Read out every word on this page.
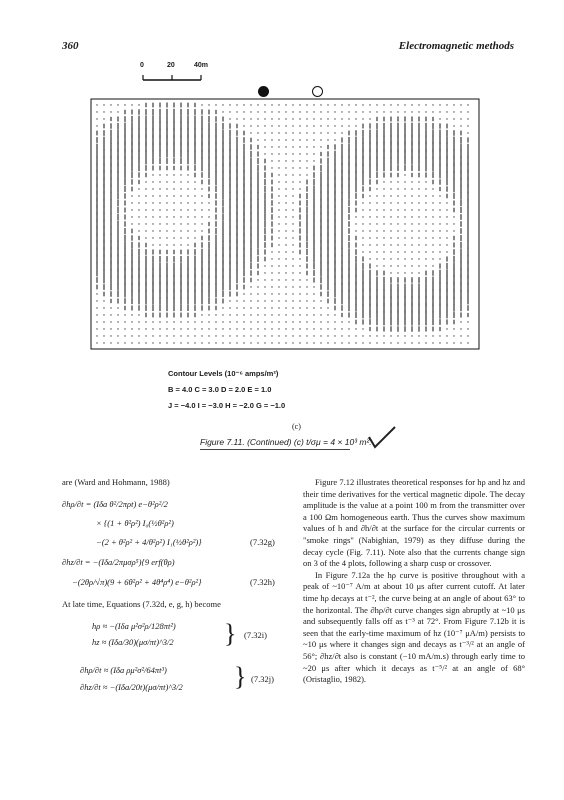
360	Electromagnetic methods
0	20	40m
Contour Levels (10⁻⁶ amps/m²)
B = 4.0 C = 3.0 D = 2.0 E = 1.0
J = −4.0 I = −3.0 H = −2.0 G = −1.0
(c)
Figure 7.11. (Continued) (c) t/σμ = 4 × 10³ m².
are (Ward and Hohmann, 1988)
∂hρ/∂t = (Iδa θ²/2πρt) e−θ²ρ²/2
× {(1 + θ²ρ²) I₀(½θ²ρ²)
−(2 + θ²ρ² + 4/θ²ρ²) I₁(½θ²ρ²)}	(7.32g)
∂hz/∂t = −(Iδa/2πμσρ⁵){9 erf(θρ)
−(2θρ/√π)(9 + 6θ²ρ² + 4θ⁴ρ⁴) e−θ²ρ²}	(7.32h)
At late time, Equations (7.32d, e, g, h) become
hρ ≈ −(Iδa μ²σ²ρ/128πt²)
hz ≈ (Iδa/30)(μσ/πt)^3/2 } (7.32i)
∂hρ/∂t ≈ (Iδa ρμ²σ²/64πt³)
∂hz/∂t ≈ −(Iδa/20t)(μσ/πt)^3/2 } (7.32j)

Figure 7.12 illustrates theoretical responses for hρ and hz and their time derivatives for the vertical magnetic dipole. The decay amplitude is the value at a point 100 m from the transmitter over a 100 Ωm homogeneous earth. Thus the curves show maximum values of h and ∂h/∂t at the surface for the circular currents or "smoke rings" (Nabighian, 1979) as they diffuse during the decay cycle (Fig. 7.11). Note also that the currents change sign on 3 of the 4 plots, following a sharp cusp or crossover.

In Figure 7.12a the hρ curve is positive throughout with a peak of ~10⁻⁷ A/m at about 10 μs after current cutoff. At later time hρ decays at t⁻², the curve being at an angle of about 63° to the horizontal. The ∂hρ/∂t curve changes sign abruptly at ~10 μs and subsequently falls off as t⁻³ at 72°. From Figure 7.12b it is seen that the early-time maximum of hz (10⁻⁷ μA/m) persists to ~10 μs where it changes sign and decays as t⁻³/² at an angle of 56°; ∂hz/∂t also is constant (−10 mA/m.s) through early time to ~20 μs after which it decays as t⁻⁵/² at an angle of 68° (Oristaglio, 1982).
